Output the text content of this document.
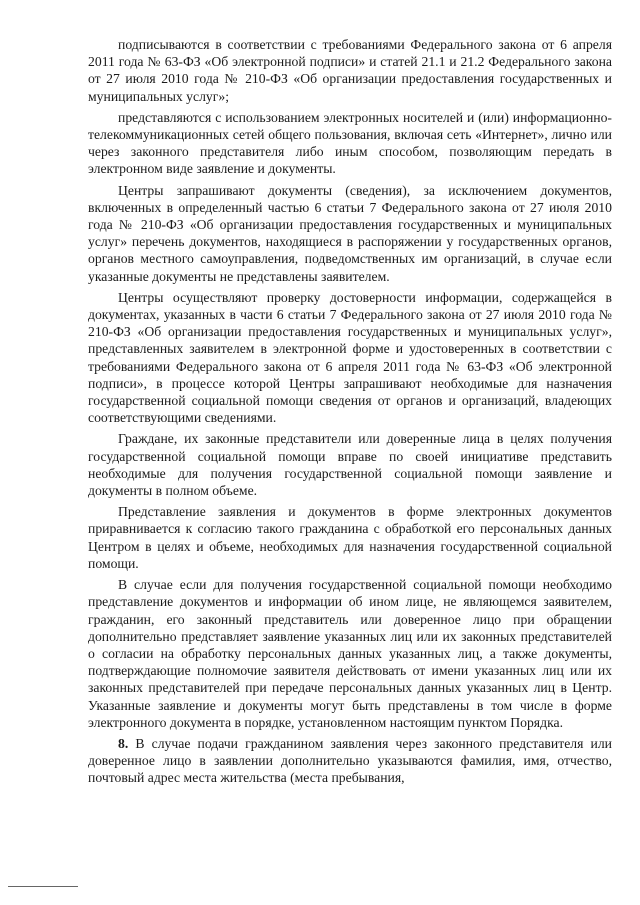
подписываются в соответствии с требованиями Федерального закона от 6 апреля 2011 года № 63-ФЗ «Об электронной подписи» и статей 21.1 и 21.2 Федерального закона от 27 июля 2010 года № 210-ФЗ «Об организации предоставления государственных и муниципальных услуг»;

представляются с использованием электронных носителей и (или) информационно-телекоммуникационных сетей общего пользования, включая сеть «Интернет», лично или через законного представителя либо иным способом, позволяющим передать в электронном виде заявление и документы.

Центры запрашивают документы (сведения), за исключением документов, включенных в определенный частью 6 статьи 7 Федерального закона от 27 июля 2010 года № 210-ФЗ «Об организации предоставления государственных и муниципальных услуг» перечень документов, находящиеся в распоряжении у государственных органов, органов местного самоуправления, подведомственных им организаций, в случае если указанные документы не представлены заявителем.

Центры осуществляют проверку достоверности информации, содержащейся в документах, указанных в части 6 статьи 7 Федерального закона от 27 июля 2010 года № 210-ФЗ «Об организации предоставления государственных и муниципальных услуг», представленных заявителем в электронной форме и удостоверенных в соответствии с требованиями Федерального закона от 6 апреля 2011 года № 63-ФЗ «Об электронной подписи», в процессе которой Центры запрашивают необходимые для назначения государственной социальной помощи сведения от органов и организаций, владеющих соответствующими сведениями.

Граждане, их законные представители или доверенные лица в целях получения государственной социальной помощи вправе по своей инициативе представить необходимые для получения государственной социальной помощи заявление и документы в полном объеме.

Представление заявления и документов в форме электронных документов приравнивается к согласию такого гражданина с обработкой его персональных данных Центром в целях и объеме, необходимых для назначения государственной социальной помощи.

В случае если для получения государственной социальной помощи необходимо представление документов и информации об ином лице, не являющемся заявителем, гражданин, его законный представитель или доверенное лицо при обращении дополнительно представляет заявление указанных лиц или их законных представителей о согласии на обработку персональных данных указанных лиц, а также документы, подтверждающие полномочие заявителя действовать от имени указанных лиц или их законных представителей при передаче персональных данных указанных лиц в Центр. Указанные заявление и документы могут быть представлены в том числе в форме электронного документа в порядке, установленном настоящим пунктом Порядка.

8. В случае подачи гражданином заявления через законного представителя или доверенное лицо в заявлении дополнительно указываются фамилия, имя, отчество, почтовый адрес места жительства (места пребывания,
